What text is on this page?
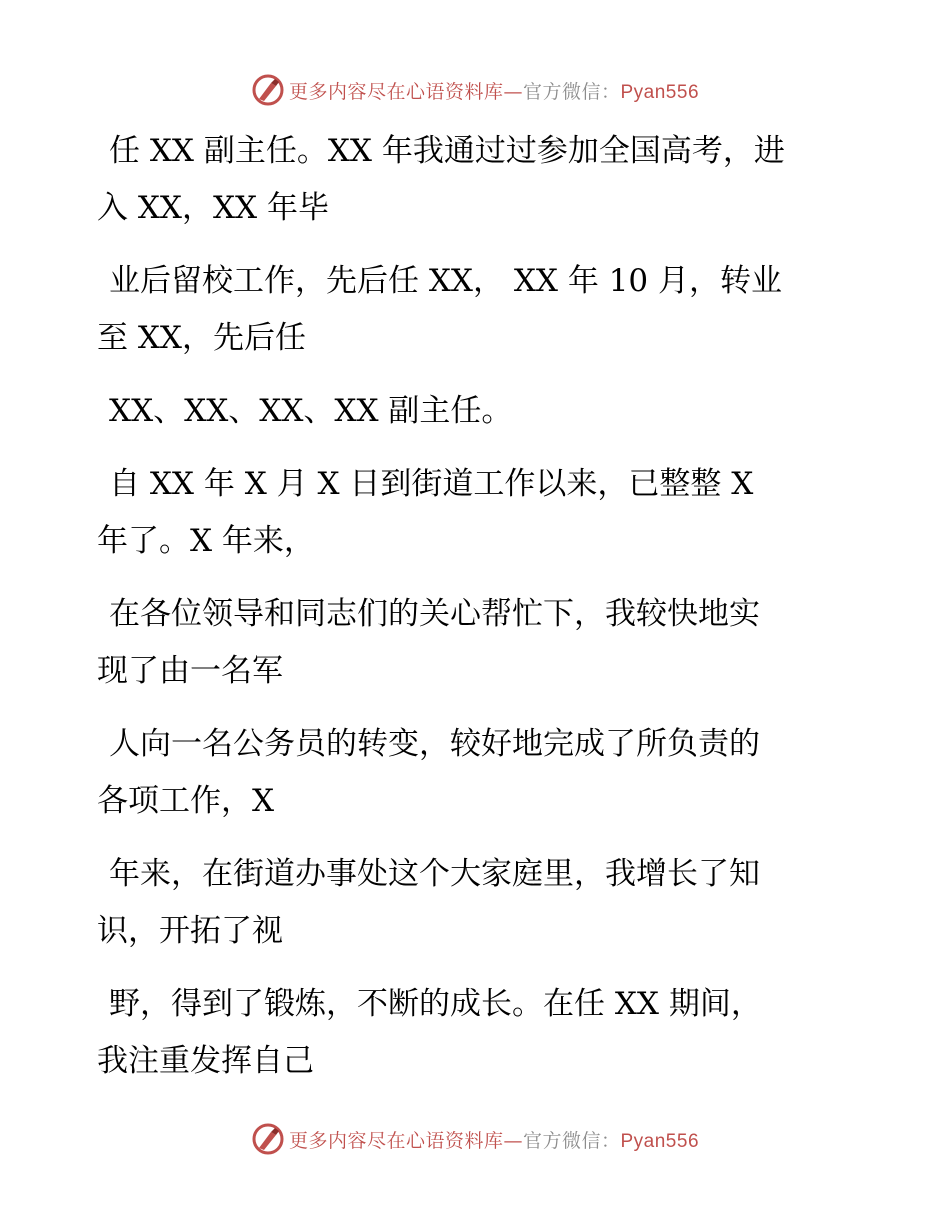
更多内容尽在心语资料库—官方微信：Pyan556

任 XX 副主任。XX 年我通过过参加全国高考，进
入 XX，XX 年毕

业后留校工作，先后任 XX， XX 年 10 月，转业
至 XX，先后任

XX、XX、XX、XX 副主任。

自 XX 年 X 月 X 日到街道工作以来，已整整 X
年了。X 年来，

在各位领导和同志们的关心帮忙下，我较快地实
现了由一名军

人向一名公务员的转变，较好地完成了所负责的
各项工作，X

年来，在街道办事处这个大家庭里，我增长了知
识，开拓了视

野，得到了锻炼，不断的成长。在任 XX 期间，
我注重发挥自己

更多内容尽在心语资料库—官方微信：Pyan556
